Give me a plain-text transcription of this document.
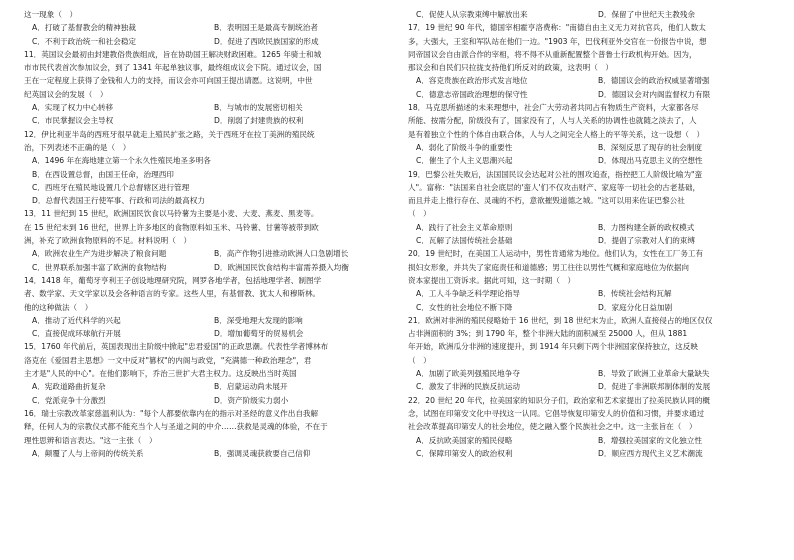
这一现象（　）
A．打破了基督教会的精神独裁	B．表明国王是最高专制统治者
C．不利于政治统一和社会稳定	D．促进了西欧民族国家的形成
11．英国议会最初由封建教俗贵族组成，旨在协助国王解决财政困难。1265 年骑士和城
市市民代表首次参加议会，到了 1341 年起单独议事，最终组成议会下院。通过议会，国
王在一定程度上获得了金钱和人力的支持，而议会亦可向国王提出请愿。这说明，中世
纪英国议会的发展（　）
A．实现了权力中心转移	B．与城市的发展密切相关
C．市民掌握议会主导权	D．削弱了封建贵族的权利
12．伊比利亚半岛的西班牙很早就走上殖民扩张之路，关于西班牙在拉丁美洲的殖民统
治，下列表述不正确的是（　）
A．1496 年在海地建立第一个永久性殖民地圣多明各
B．在西设置总督，由国王任命，治理西印
C．西班牙在殖民地设置几个总督辖区进行管理
D．总督代表国王行使军事、行政和司法的最高权力
13．11 世纪到 15 世纪，欧洲国民饮食以马铃薯为主要是小麦、大麦、燕麦、黑麦等。
在 15 世纪末到 16 世纪，世界上许多地区的食物原料如玉米、马铃薯、甘薯等被带到欧
洲，补充了欧洲食物原料的不足。材料说明（　）
A．欧洲农业生产为进步解决了粮食问题	B．高产作物引进推动欧洲人口急剧增长
C．世界联系加强丰富了欧洲的食物结构	D．欧洲国民饮食结构丰富需养摄入均衡
14．1418 年，葡萄牙亨利王子创设地理研究院，网罗各地学者，包括地理学者、制图学
者、数学家、天文学家以及会各种语言的专家。这些人里，有基督教、犹太人和穆斯林。
他的这种做法（　）
A．推动了近代科学的兴起	B．深受地理大发现的影响
C．直接促成环球航行开展	D．增加葡萄牙的贸易机会
15．1760 年代前后，英国表现出主阶级中掀起"忠君爱国"的正政思潮。代表性学者博林布
洛克在《爱国君主思想》一文中反对"篡权"的内阁与政党，"充满德一种政治理念"，君
主才是"人民的中心"。在他们影响下，乔治三世扩大君主权力。这反映出当时英国
A．宪政道路曲折复杂	B．启蒙运动尚未展开
C．党派竞争十分激烈	D．资产阶级实力弱小
16．瑞士宗教改革家慈温利认为："每个人都要依靠内在的指示对圣经的意义作出自我解
释，任何人为的宗教仪式都不能充当个人与圣道之间的中介……获救是灵魂的体验，不在于
理性思辨和语言表达。"这一主张（　）
A．颠覆了人与上帝间的传统关系	B．强调灵魂获救要自己信仰
C．促使人从宗教束缚中解放出来	D．保留了中世纪天主教残余
17．19 世纪 90 年代，德国宰相霍亨洛费称："南德自由主义无力对抗官兵，他们人数太
多，大强大，王室和军队站在他们一边。"1903 年，巴伐利亚外交官在一份报告中说，想
同帝国议会自由派合作的宰相，将不得不从重新配置整个普鲁士行政机构开始。因为，
那议会和自民们只拉拢支持他们所反对的政策，这表明（　）
A．容克贵族在政治形式发言地位	B．德国议会的政治权威显著增强
C．德意志帝国政治理想的保守性	D．德国议会对内阁监督权力有限
18．马克思所描述的未来理想中，社会广大劳动者共同占有物质生产资料，大家都各尽
所能、按需分配，阶级没有了，国家没有了，人与人关系的协调性也就随之淡去了，人
是有着独立个性的个体自由联合体，人与人之间完全人格上的平等关系，这一设想（　）
A．弱化了阶级斗争的重要性	B．深刻反思了现存的社会制度
C．催生了个人主义思潮兴起	D．体现出马克思主义的空想性
19．巴黎公社失败后，法国国民议会达起对公社的围攻追查，指控把工人阶级比喻为"蛮
人"。富称："法国来自社会底层的'蛮人'们不仅攻击财产、家庭等一切社会的古老基础，
而且并走上推行存在、灵魂的不朽，意欲摧毁道德之城。"这可以用来佐证巴黎公社
（　）
A．践行了社会主义革命原则	B．力图构建全新的政权模式
C．瓦解了法国传统社会基础	D．提倡了宗教对人们的束缚
20．19 世纪时，在美国工人运动中，男性肯通常为地位。他们认为，女性在工厂务工有
损妇女形象，并共失了家庭责任和道德感；男工往往以男性气概和家庭地位为依据向
资本家提出工资诉求。据此可知，这一时期（　）
A．工人斗争缺乏科学理论指导	B．传统社会结构瓦解
C．女性的社会地位不断下降	D．家庭分化日益加剧
21．欧洲对非洲的殖民侵略始于 16 世纪，到 18 世纪末为止，欧洲人直接侵占的地区仅仅
占非洲面积的 3%；到 1790 年，整个非洲大陆的面积减至 25000 人，但从 1881
年开始，欧洲瓜分非洲的速度提升，到 1914 年只剩下两个非洲国家保持独立，这反映
（　）
A．加剧了欧美列强殖民地争夺	B．导致了欧洲工业革命大量缺失
C．激发了非洲的民族反抗运动	D．促进了非洲联邦制体制的发展
22．20 世纪 20 年代，拉美国家的知识分子们，政治家和艺术家提出了拉美民族认同的概
念，试图在印第安文化中寻找这一认同。它倡导恢复印第安人的价值和习惯，并要求通过
社会改革提高印第安人的社会地位，使之融入整个民族社会之中。这一主张旨在（　）
A．反抗欧美国家的殖民侵略	B．增强拉美国家的文化独立性
C．保障印第安人的政治权利	D．顺应西方现代主义艺术潮流
